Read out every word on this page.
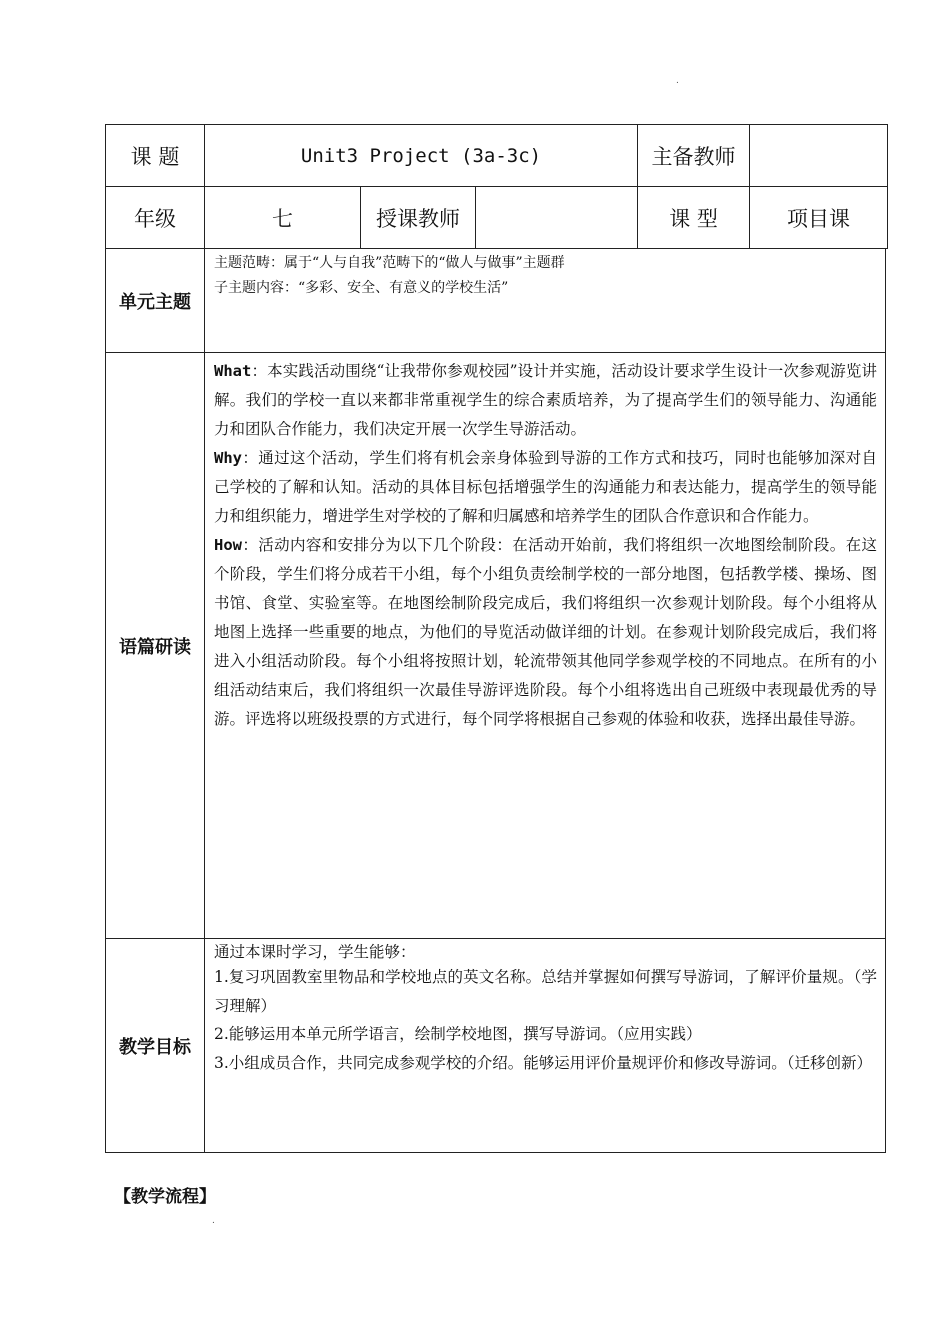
.
课 题	Unit3 Project (3a-3c)			主备教师	
年级	七	授课教师		课 型	项目课
单元主题	主题范畴：属于“人与自我”范畴下的“做人与做事”主题群

子主题内容：“多彩、安全、有意义的学校生活”

语篇研读	What：本实践活动围绕“让我带你参观校园”设计并实施，活动设计要求学生设计一次参观游览讲解。我们的学校一直以来都非常重视学生的综合素质培养，为了提高学生们的领导能力、沟通能力和团队合作能力，我们决定开展一次学生导游活动。

Why：通过这个活动，学生们将有机会亲身体验到导游的工作方式和技巧，同时也能够加深对自己学校的了解和认知。活动的具体目标包括增强学生的沟通能力和表达能力，提高学生的领导能力和组织能力，增进学生对学校的了解和归属感和培养学生的团队合作意识和合作能力。

How：活动内容和安排分为以下几个阶段：在活动开始前，我们将组织一次地图绘制阶段。在这个阶段，学生们将分成若干小组，每个小组负责绘制学校的一部分地图，包括教学楼、操场、图书馆、食堂、实验室等。在地图绘制阶段完成后，我们将组织一次参观计划阶段。每个小组将从地图上选择一些重要的地点，为他们的导览活动做详细的计划。在参观计划阶段完成后，我们将进入小组活动阶段。每个小组将按照计划，轮流带领其他同学参观学校的不同地点。在所有的小组活动结束后，我们将组织一次最佳导游评选阶段。每个小组将选出自己班级中表现最优秀的导游。评选将以班级投票的方式进行，每个同学将根据自己参观的体验和收获，选择出最佳导游。

教学目标	通过本课时学习，学生能够：

1.复习巩固教室里物品和学校地点的英文名称。总结并掌握如何撰写导游词，了解评价量规。（学习理解）

2.能够运用本单元所学语言，绘制学校地图，撰写导游词。（应用实践）

3.小组成员合作，共同完成参观学校的介绍。能够运用评价量规评价和修改导游词。（迁移创新）

【教学流程】
.
